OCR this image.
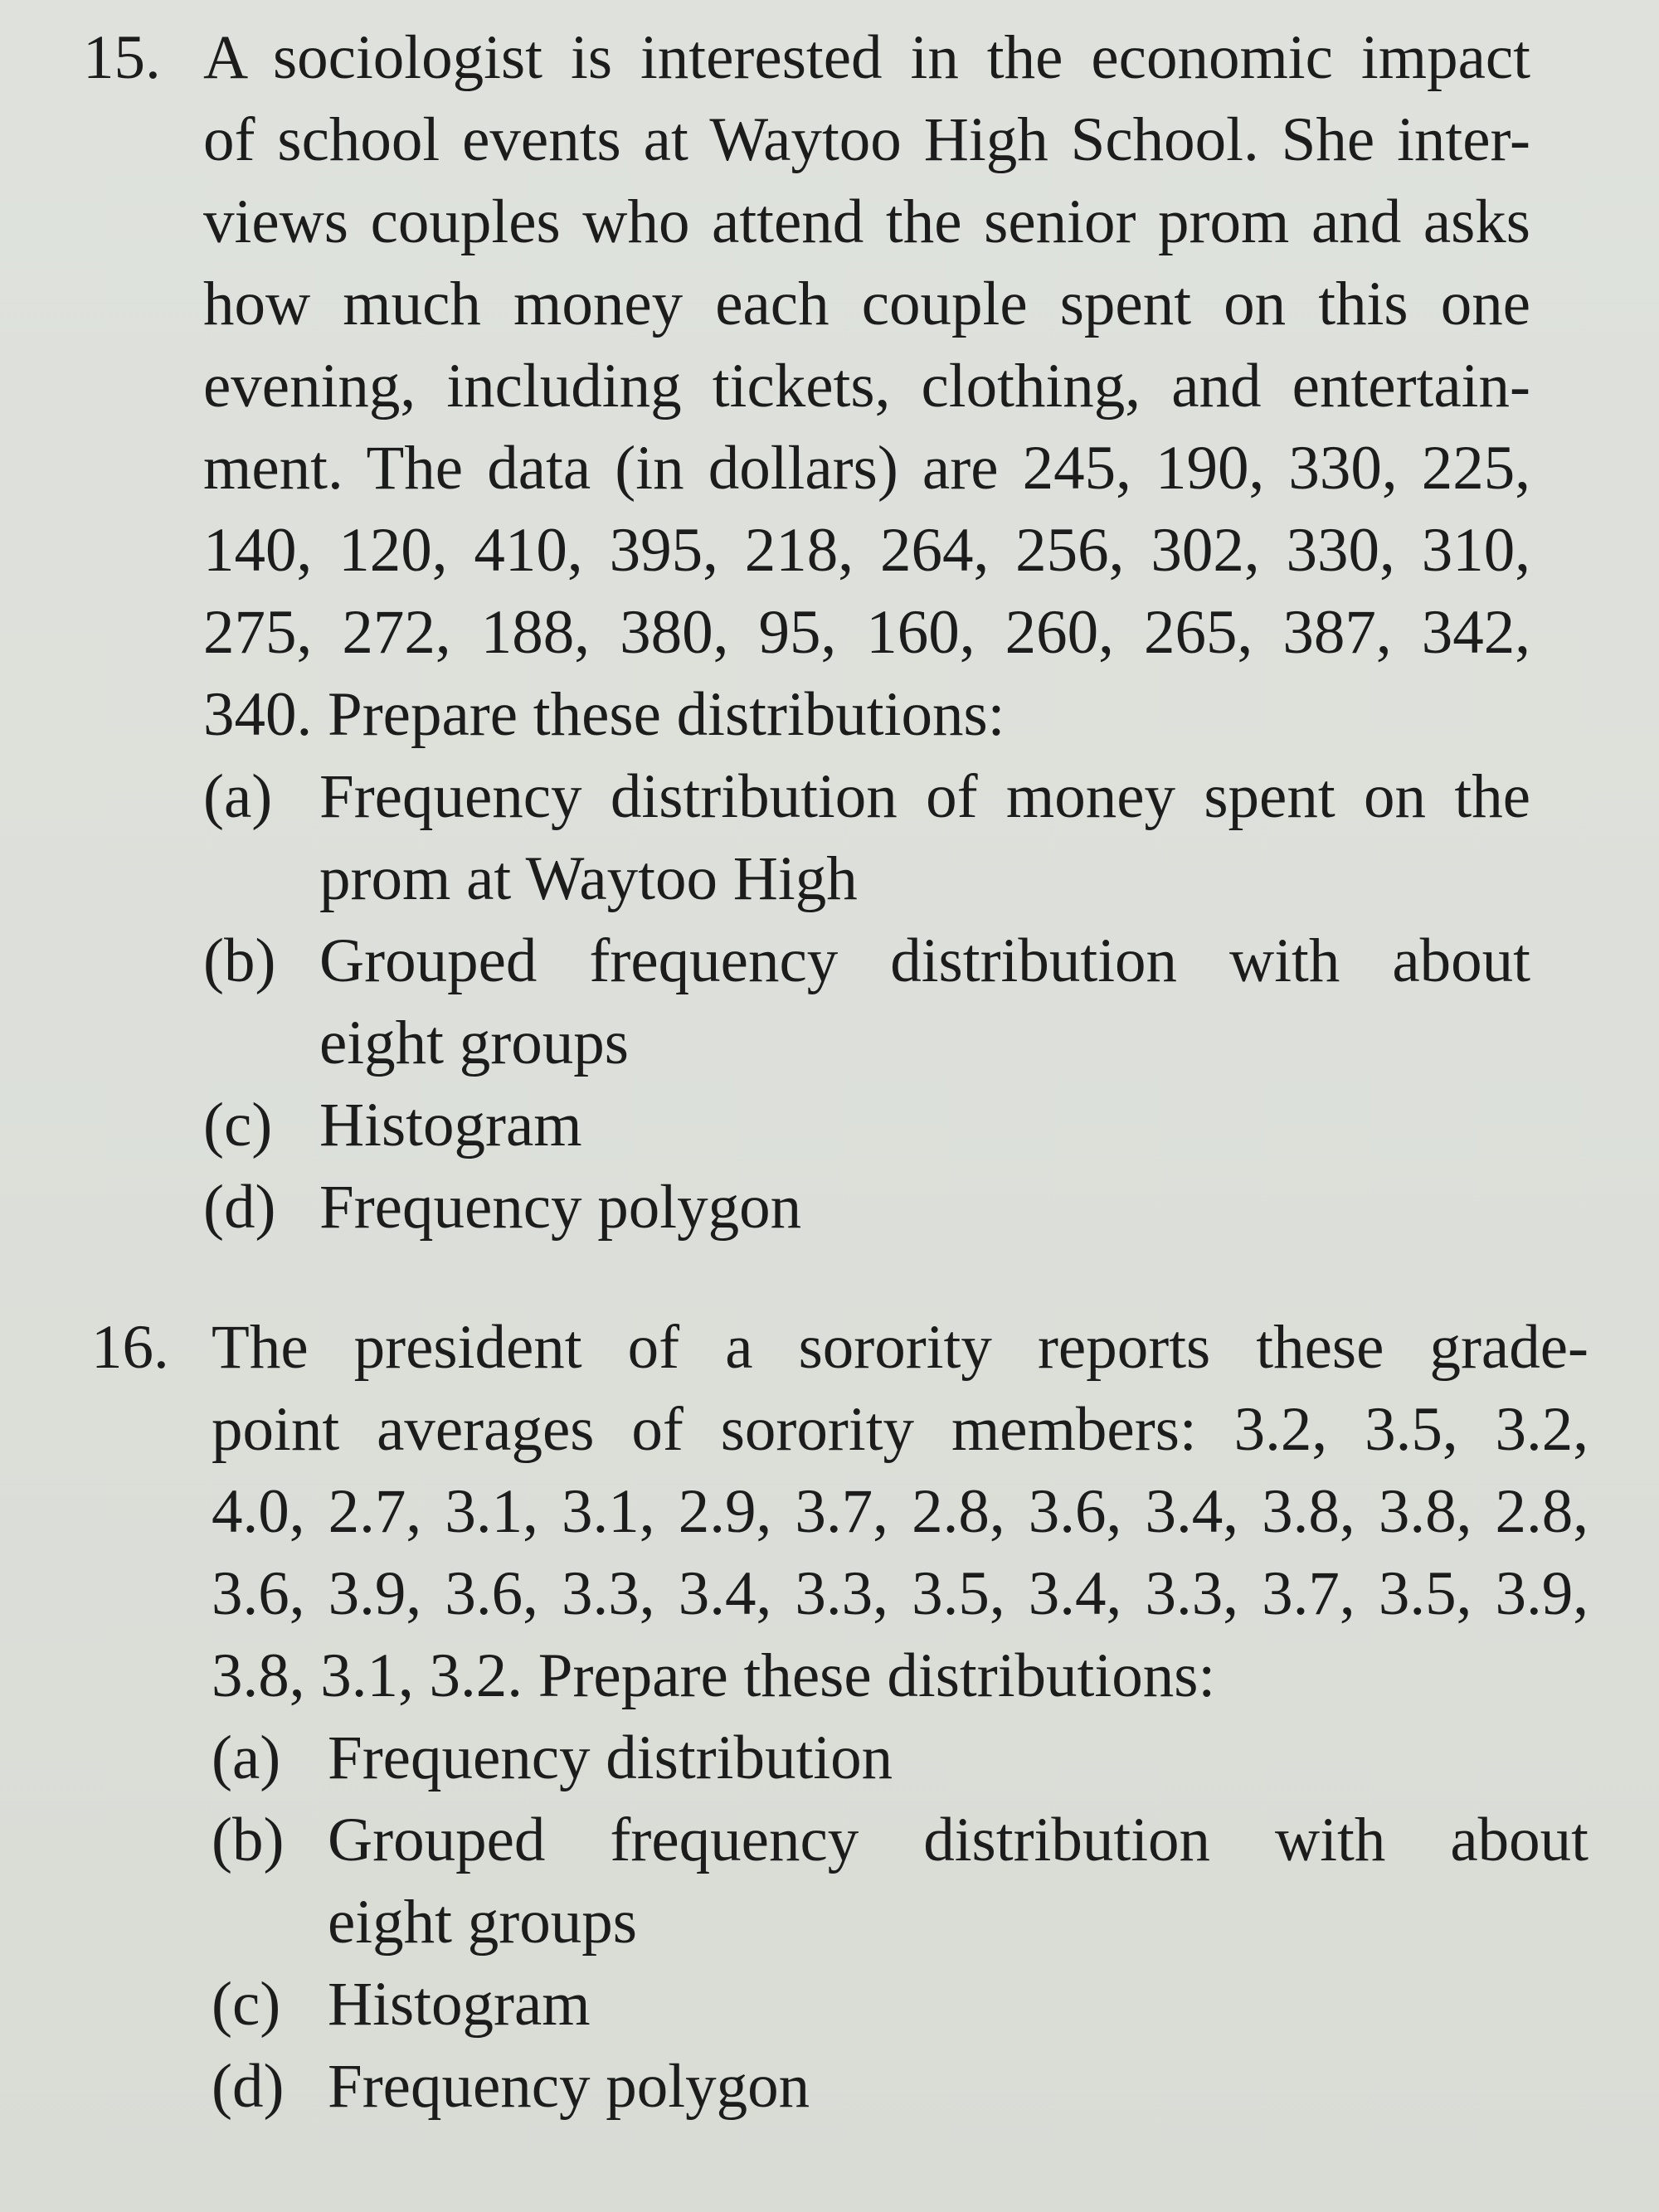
15. A sociologist is interested in the economic impact
of school events at Waytoo High School. She inter-
views couples who attend the senior prom and asks
how much money each couple spent on this one
evening, including tickets, clothing, and entertain-
ment. The data (in dollars) are 245, 190, 330, 225,
140, 120, 410, 395, 218, 264, 256, 302, 330, 310,
275, 272, 188, 380, 95, 160, 260, 265, 387, 342,
340. Prepare these distributions:
(a) Frequency distribution of money spent on the
prom at Waytoo High
(b) Grouped frequency distribution with about
eight groups
(c) Histogram
(d) Frequency polygon
16. The president of a sorority reports these grade-
point averages of sorority members: 3.2, 3.5, 3.2,
4.0, 2.7, 3.1, 3.1, 2.9, 3.7, 2.8, 3.6, 3.4, 3.8, 3.8, 2.8,
3.6, 3.9, 3.6, 3.3, 3.4, 3.3, 3.5, 3.4, 3.3, 3.7, 3.5, 3.9,
3.8, 3.1, 3.2. Prepare these distributions:
(a) Frequency distribution
(b) Grouped frequency distribution with about
eight groups
(c) Histogram
(d) Frequency polygon
